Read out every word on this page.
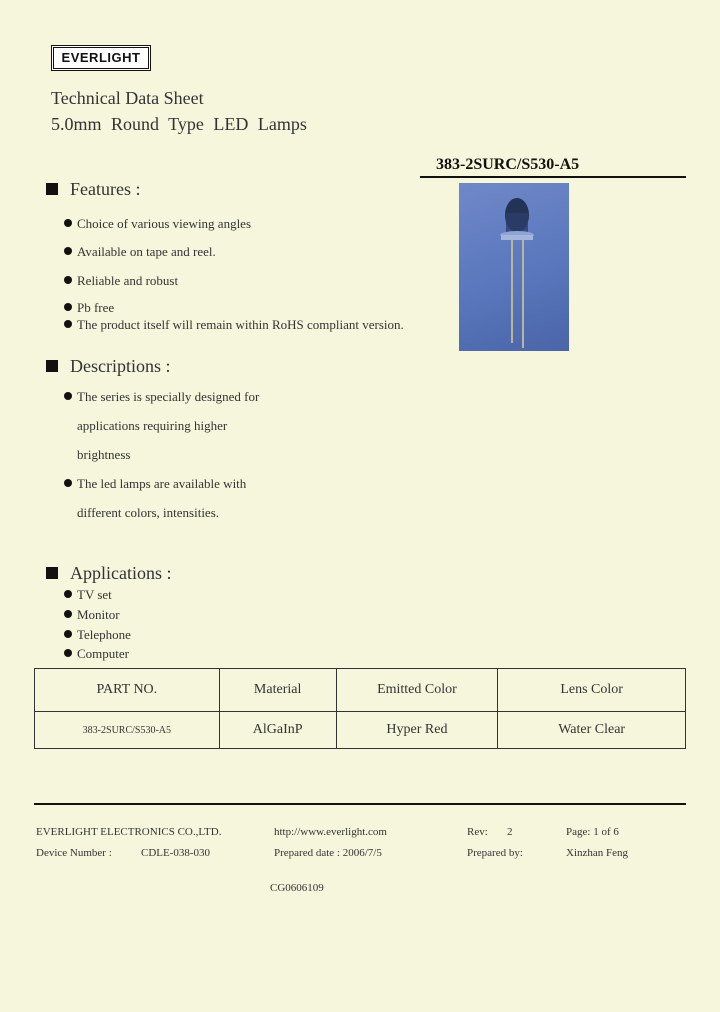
EVERLIGHT
Technical Data Sheet
5.0mm Round Type LED Lamps
383-2SURC/S530-A5
Features :
Choice of various viewing angles
Available on tape and reel.
Reliable and robust
Pb free
The product itself will remain within RoHS compliant version.
Descriptions :
The series is specially designed for
applications requiring higher
brightness
The led lamps are available with
different colors, intensities.
Applications :
TV set
Monitor
Telephone
Computer
PART NO.	Material	Emitted Color	Lens Color
383-2SURC/S530-A5	AlGaInP	Hyper Red	Water Clear
EVERLIGHT ELECTRONICS CO.,LTD.	http://www.everlight.com	Rev:       2	Page: 1 of 6
Device Number :	CDLE-038-030	Prepared date : 2006/7/5	Prepared by:	Xinzhan Feng
CG0606109
